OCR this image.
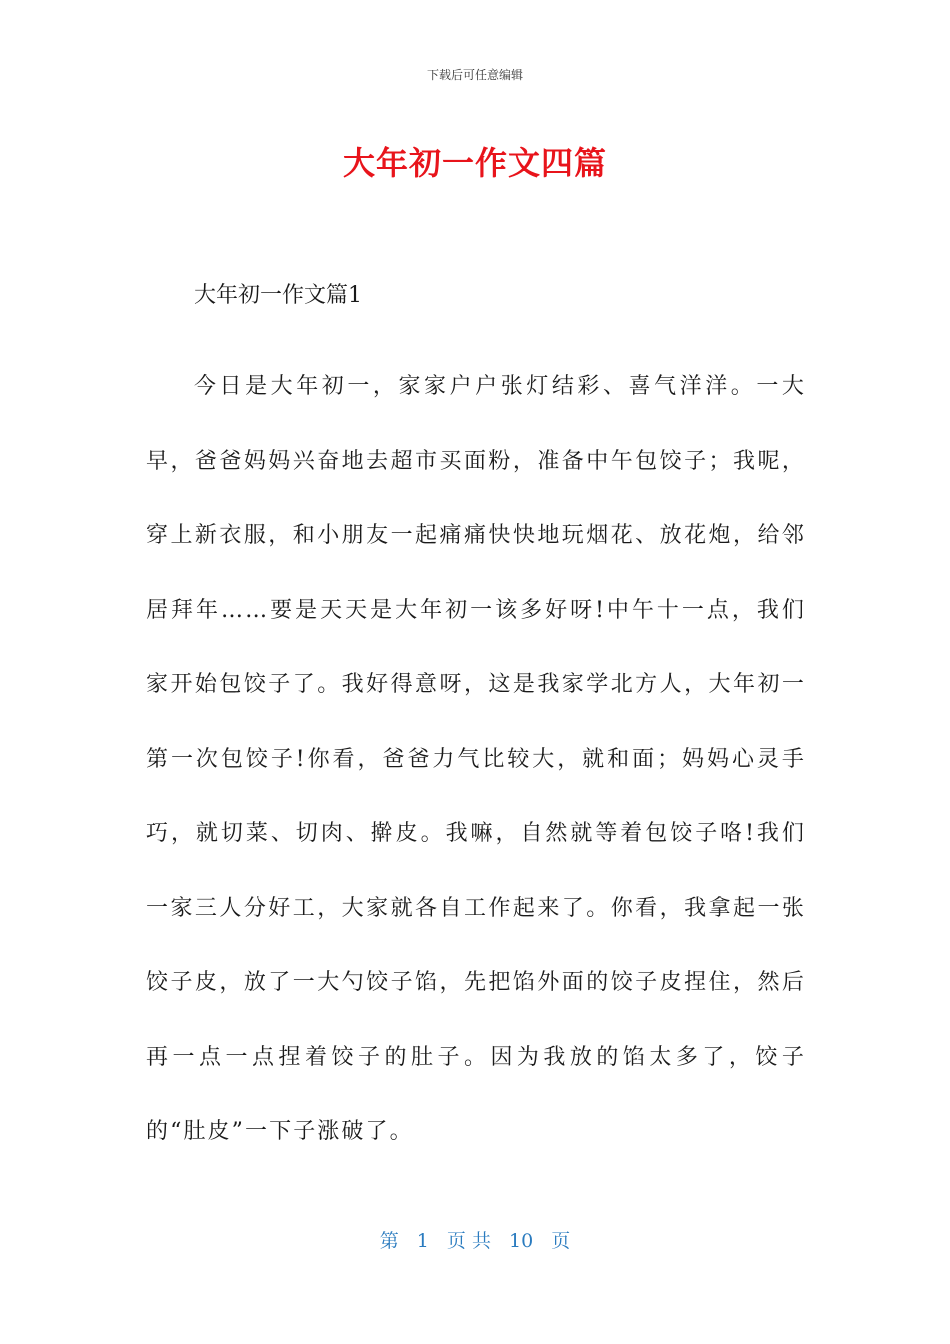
下载后可任意编辑
大年初一作文四篇
大年初一作文篇1

今日是大年初一，家家户户张灯结彩、喜气洋洋。一大早，爸爸妈妈兴奋地去超市买面粉，准备中午包饺子；我呢，穿上新衣服，和小朋友一起痛痛快快地玩烟花、放花炮，给邻居拜年……要是天天是大年初一该多好呀!中午十一点，我们家开始包饺子了。我好得意呀，这是我家学北方人，大年初一第一次包饺子!你看，爸爸力气比较大，就和面；妈妈心灵手巧，就切菜、切肉、擀皮。我嘛，自然就等着包饺子咯!我们一家三人分好工，大家就各自工作起来了。你看，我拿起一张饺子皮，放了一大勺饺子馅，先把馅外面的饺子皮捏住，然后再一点一点捏着饺子的肚子。因为我放的馅太多了，饺子的“肚皮”一下子涨破了。

第 1 页 共 10 页
